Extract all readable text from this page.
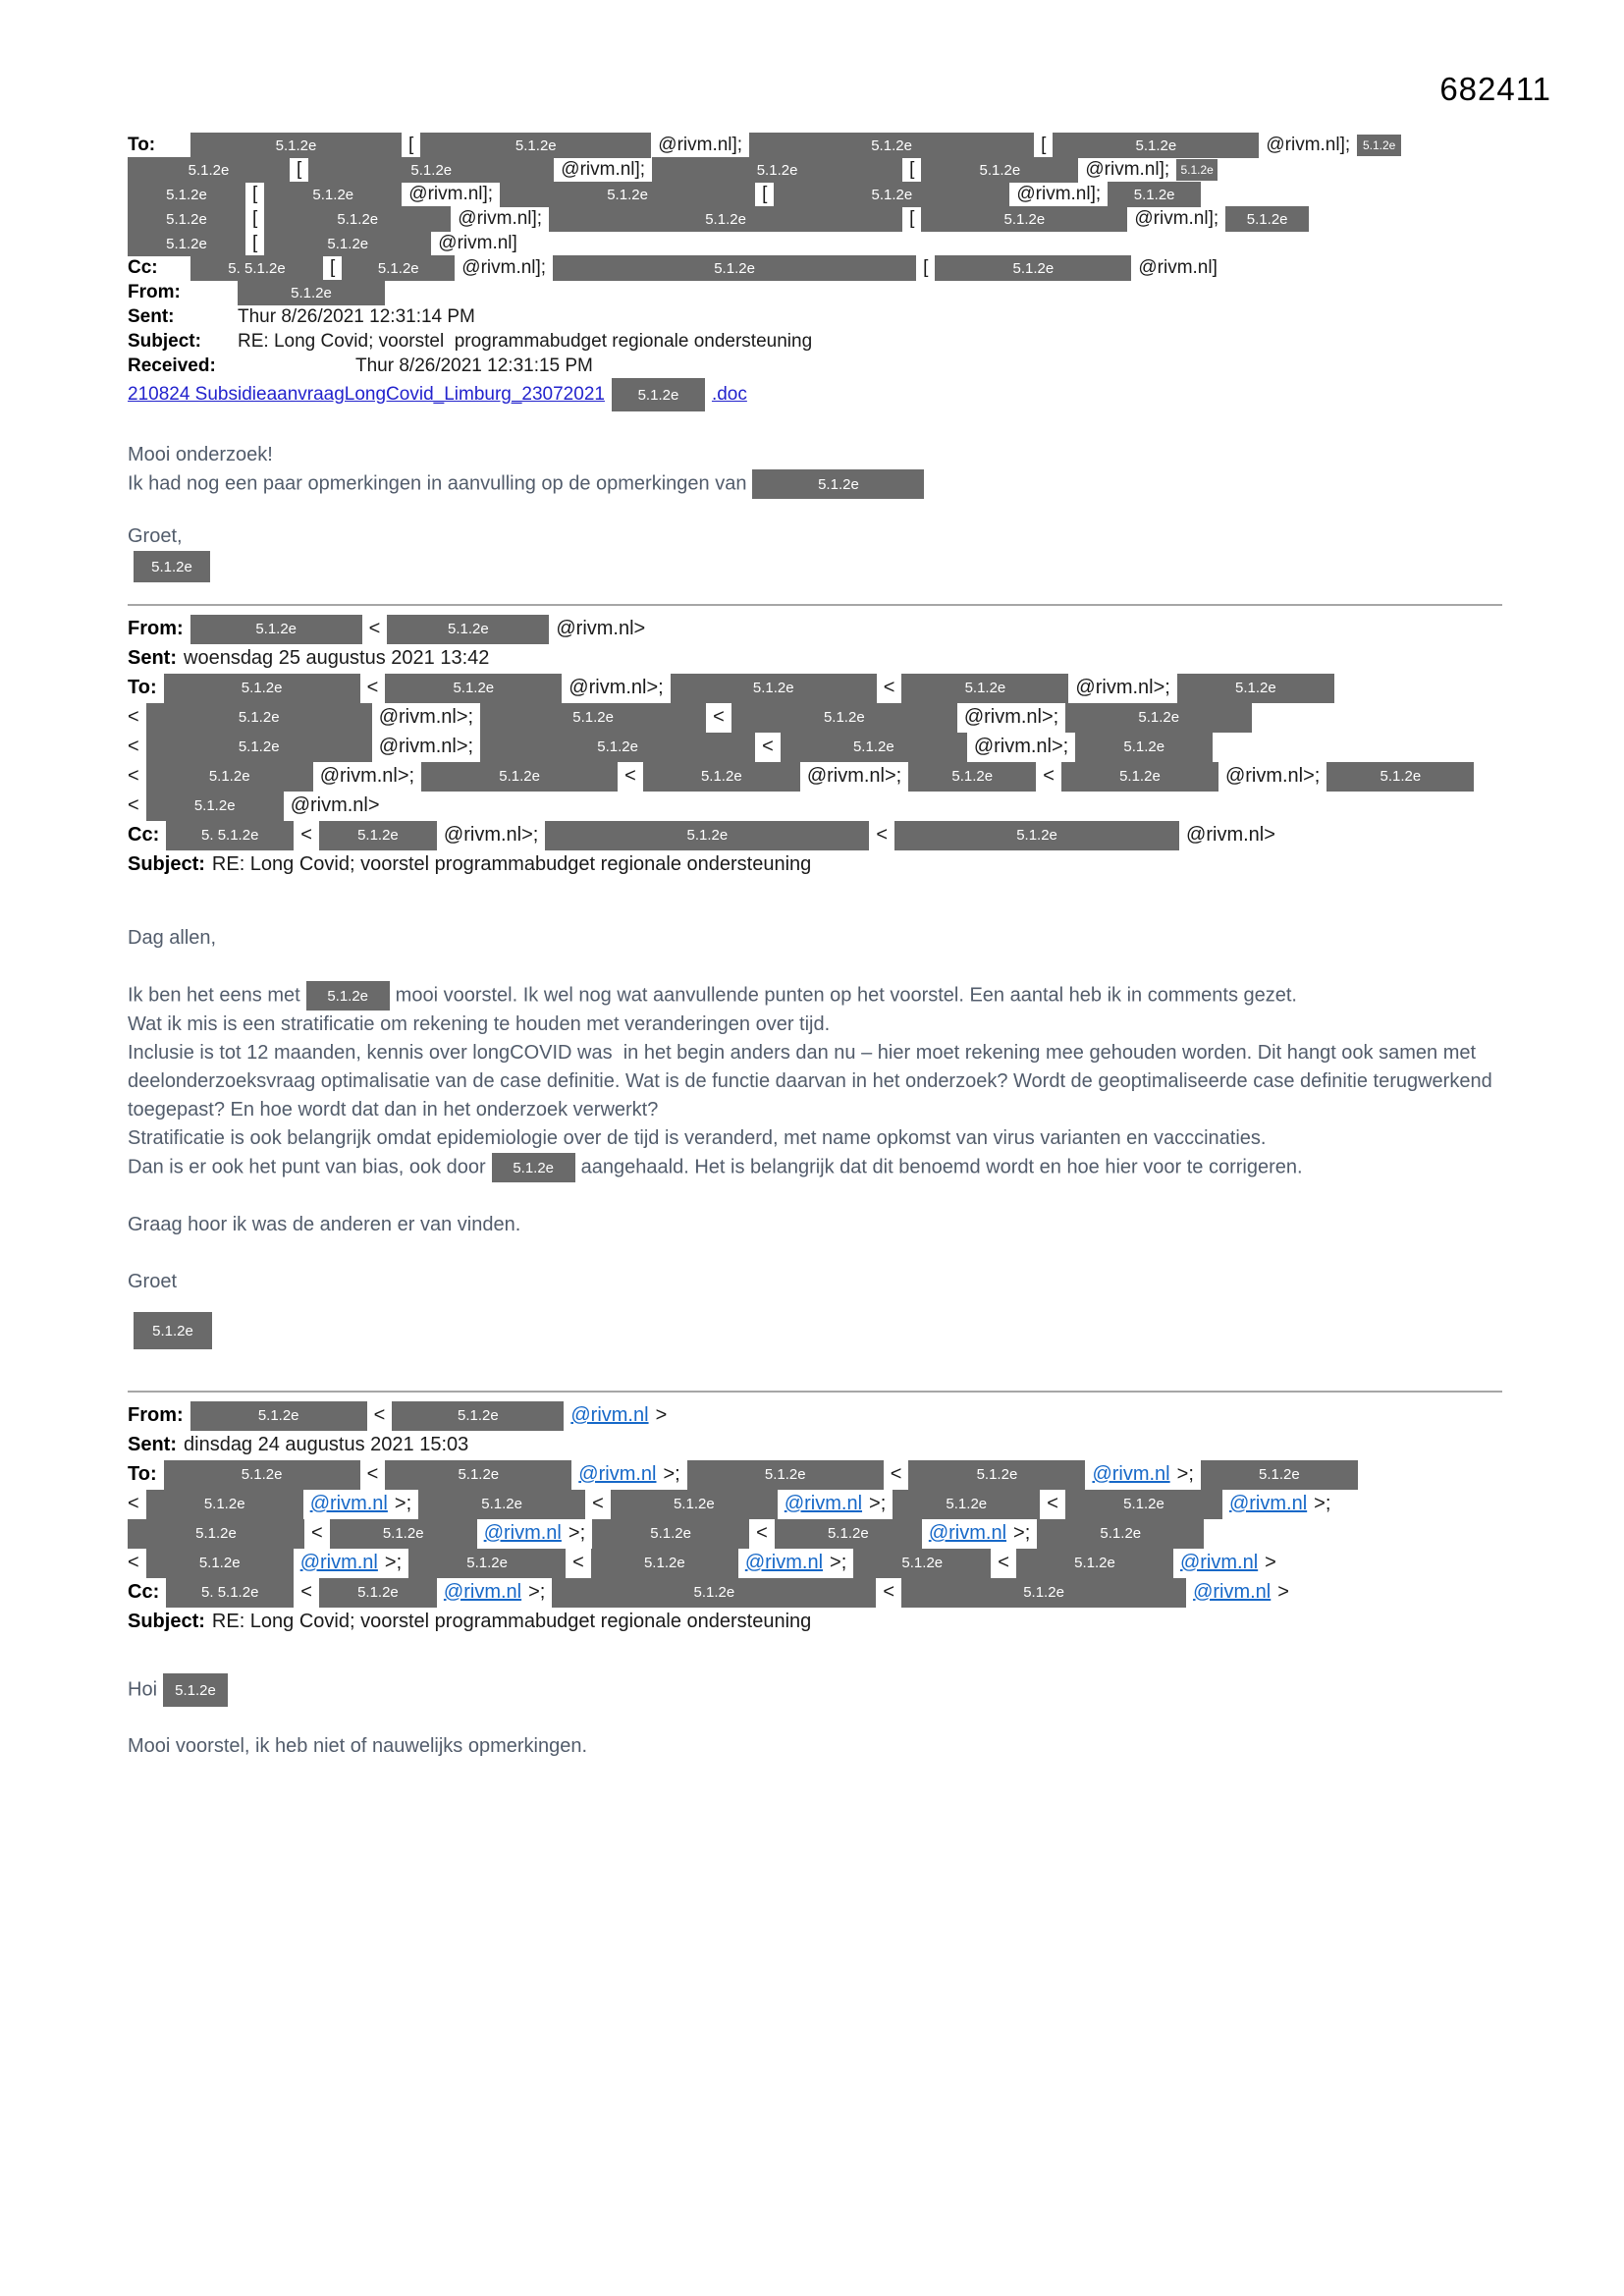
682411
To:	5.1.2e	[	5.1.2e	@rivm.nl];	5.1.2e	[	5.1.2e	@rivm.nl]; 5.1.2e
5.1.2e	[	5.1.2e	@rivm.nl];	5.1.2e	[	5.1.2e	@rivm.nl]; 5.1.2e
5.1.2e [	5.1.2e	@rivm.nl];	5.1.2e	[	5.1.2e	@rivm.nl]; 5.1.2e
5.1.2e [	5.1.2e	@rivm.nl];	5.1.2e	[	5.1.2e	@rivm.nl]; 5.1.2e
5.1.2e [	5.1.2e	@rivm.nl]
Cc:	5. 5.1.2e [	5.1.2e @rivm.nl];	5.1.2e	[	5.1.2e	@rivm.nl]
From:	5.1.2e
Sent:	Thur 8/26/2021 12:31:14 PM
Subject: RE: Long Covid; voorstel  programmabudget regionale ondersteuning
Received:	Thur 8/26/2021 12:31:15 PM
210824 SubsidieaanvraagLongCovid_Limburg_23072021 5.1.2e .doc
Mooi onderzoek!
Ik had nog een paar opmerkingen in aanvulling op de opmerkingen van	5.1.2e
Groet,
5.1.2e
From:	5.1.2e	<	5.1.2e	@rivm.nl>
Sent: woensdag 25 augustus 2021 13:42
To:	5.1.2e	<	5.1.2e	@rivm.nl>;	5.1.2e	<	5.1.2e	@rivm.nl>;	5.1.2e
<	5.1.2e	@rivm.nl>;	5.1.2e	<	5.1.2e	@rivm.nl>;	5.1.2e
<	5.1.2e	@rivm.nl>;	5.1.2e	<	5.1.2e	@rivm.nl>;	5.1.2e
<	5.1.2e	@rivm.nl>;	5.1.2e	<	5.1.2e	@rivm.nl>;	5.1.2e	<	5.1.2e	@rivm.nl>;	5.1.2e
<	5.1.2e	@rivm.nl>
Cc:	5. 5.1.2e <	5.1.2e @rivm.nl>;	5.1.2e	<	5.1.2e	@rivm.nl>
Subject: RE: Long Covid; voorstel programmabudget regionale ondersteuning
Dag allen,
Ik ben het eens met 5.1.2e mooi voorstel. Ik wel nog wat aanvullende punten op het voorstel. Een aantal heb ik in comments gezet.
Wat ik mis is een stratificatie om rekening te houden met veranderingen over tijd.
Inclusie is tot 12 maanden, kennis over longCOVID was  in het begin anders dan nu – hier moet rekening mee gehouden worden. Dit hangt ook samen met deelonderzoeksvraag optimalisatie van de case definitie. Wat is de functie daarvan in het onderzoek? Wordt de geoptimaliseerde case definitie terugwerkend toegepast? En hoe wordt dat dan in het onderzoek verwerkt?
Stratificatie is ook belangrijk omdat epidemiologie over de tijd is veranderd, met name opkomst van virus varianten en vacccinaties.
Dan is er ook het punt van bias, ook door 5.1.2e aangehaald. Het is belangrijk dat dit benoemd wordt en hoe hier voor te corrigeren.
Graag hoor ik was de anderen er van vinden.
Groet
5.1.2e
From:	5.1.2e	<	5.1.2e	@rivm.nl >
Sent: dinsdag 24 augustus 2021 15:03
To:	5.1.2e	<	5.1.2e	@rivm.nl >;	5.1.2e	<	5.1.2e	@rivm.nl >;	5.1.2e
<	5.1.2e	@rivm.nl >;	5.1.2e	<	5.1.2e	@rivm.nl >;	5.1.2e	<	5.1.2e	@rivm.nl >;
5.1.2e	<	5.1.2e	@rivm.nl >;	5.1.2e	<	5.1.2e	@rivm.nl >;	5.1.2e
<	5.1.2e	@rivm.nl >;	5.1.2e	<	5.1.2e	@rivm.nl >;	5.1.2e	<	5.1.2e	@rivm.nl >
Cc:	5. 5.1.2e <	5.1.2e @rivm.nl >;	5.1.2e	<	5.1.2e	@rivm.nl >
Subject: RE: Long Covid; voorstel programmabudget regionale ondersteuning
Hoi 5.1.2e
Mooi voorstel, ik heb niet of nauwelijks opmerkingen.
